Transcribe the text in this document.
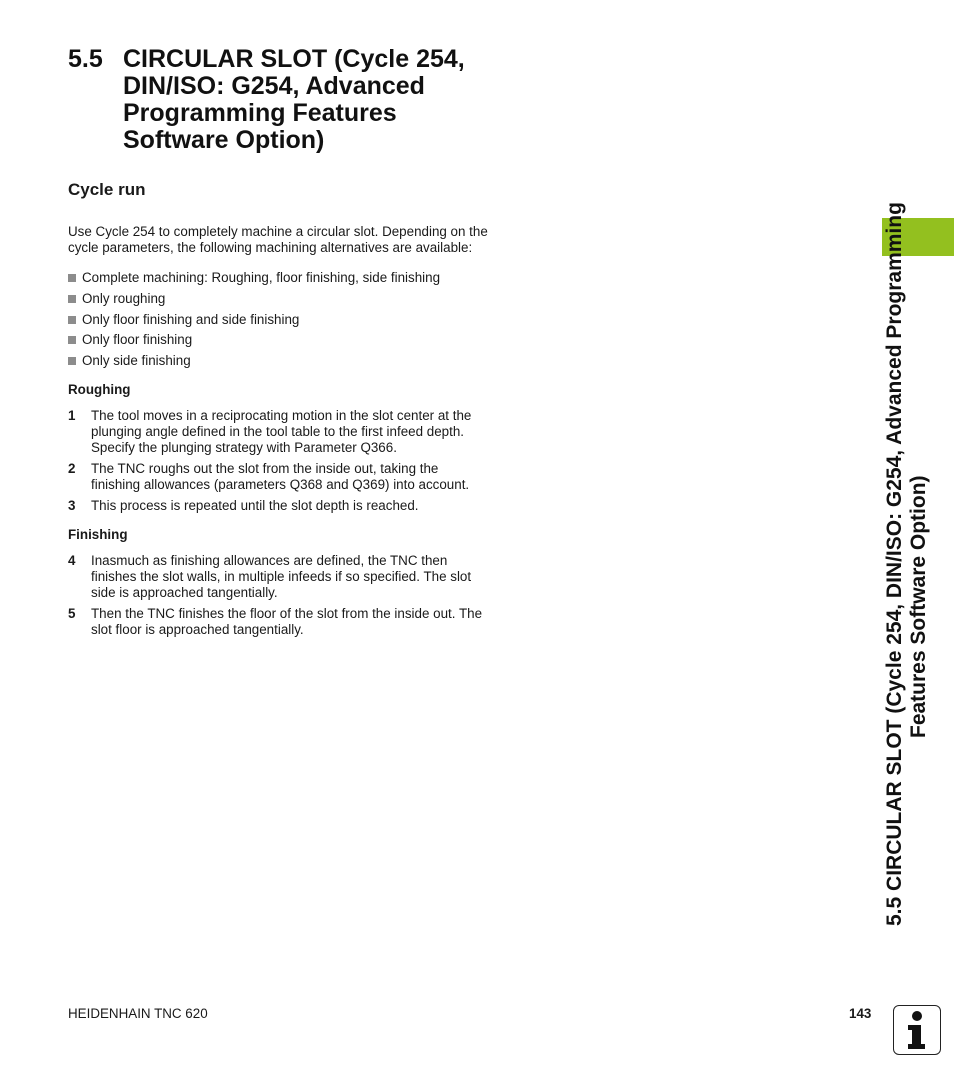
5.5 CIRCULAR SLOT (Cycle 254,
DIN/ISO: G254, Advanced
Programming Features
Software Option)
Cycle run

Use Cycle 254 to completely machine a circular slot. Depending on the
cycle parameters, the following machining alternatives are available:

Complete machining: Roughing, floor finishing, side finishing
Only roughing
Only floor finishing and side finishing
Only floor finishing
Only side finishing
Roughing
1	The tool moves in a reciprocating motion in the slot center at the
plunging angle defined in the tool table to the first infeed depth.
Specify the plunging strategy with Parameter Q366.
2	The TNC roughs out the slot from the inside out, taking the
finishing allowances (parameters Q368 and Q369) into account.
3	This process is repeated until the slot depth is reached.
Finishing
4	Inasmuch as finishing allowances are defined, the TNC then
finishes the slot walls, in multiple infeeds if so specified. The slot
side is approached tangentially.
5	Then the TNC finishes the floor of the slot from the inside out. The
slot floor is approached tangentially.	5.5 CIRCULAR SLOT (Cycle 254, DIN/ISO: G254, Advanced Programming
Features Software Option)
HEIDENHAIN TNC 620	143
